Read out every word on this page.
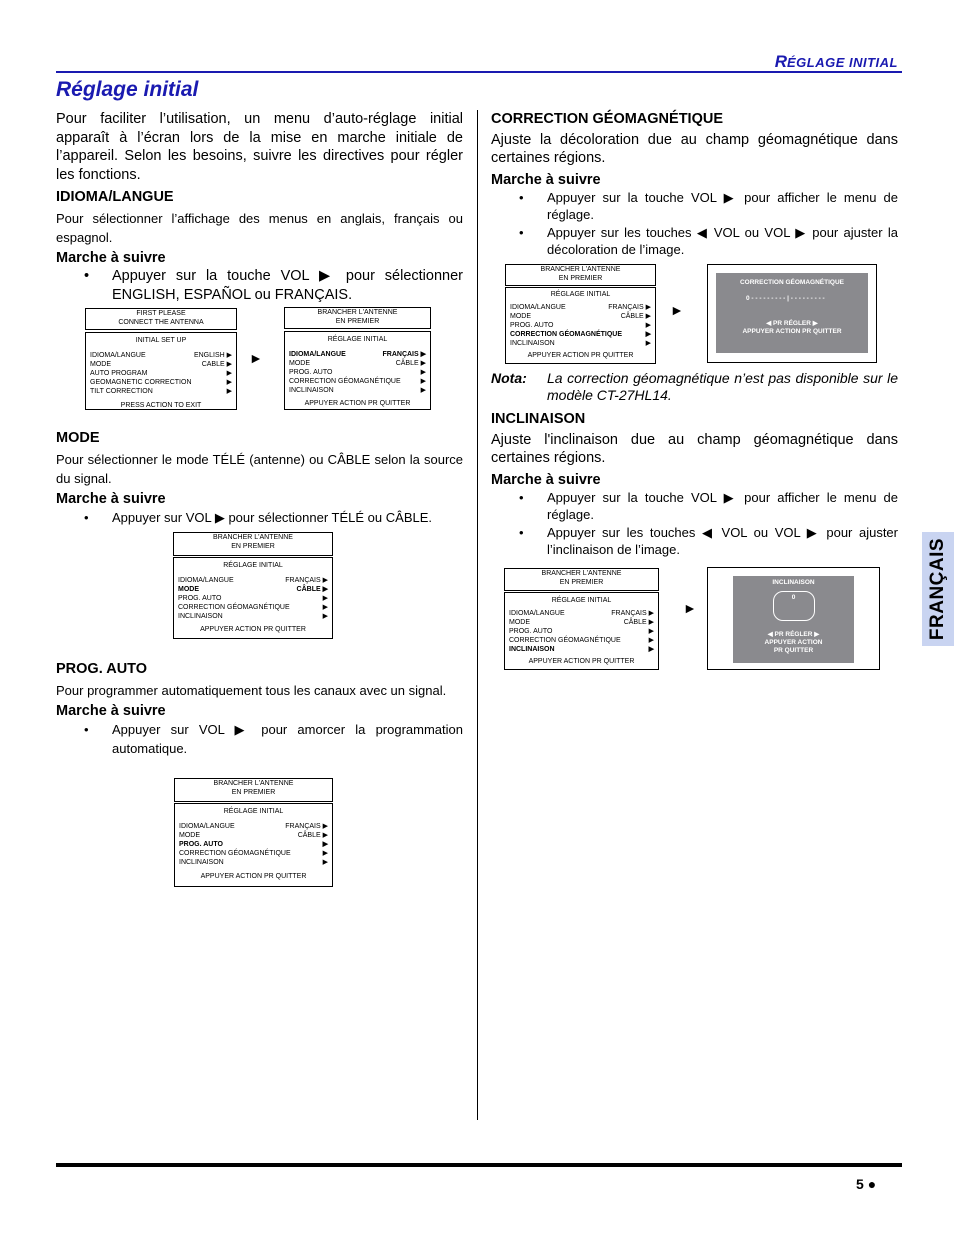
RÉGLAGE INITIAL
Réglage initial

Pour faciliter l’utilisation, un menu d’auto-réglage initial apparaît à l’écran lors de la mise en marche initiale de l’appareil. Selon les besoins, suivre les directives pour régler les fonctions.

IDIOMA/LANGUE

Pour sélectionner l’affichage des menus en anglais, français ou espagnol.

Marche à suivre

• Appuyer sur la touche VOL ▶ pour sélectionner ENGLISH, ESPAÑOL ou FRANÇAIS.

FIRST PLEASE
CONNECT THE ANTENNA
INITIAL SET UP
IDIOMA/LANGUE	ENGLISH ▶
MODE	CABLE ▶
AUTO PROGRAM	▶
GEOMAGNETIC CORRECTION	▶
TILT CORRECTION	▶
PRESS ACTION TO EXIT
►
BRANCHER L'ANTENNE
EN PREMIER
RÉGLAGE INITIAL
IDIOMA/LANGUE	FRANÇAIS ▶
MODE	CÂBLE ▶
PROG. AUTO	▶
CORRECTION GÉOMAGNÉTIQUE	▶
INCLINAISON	▶
APPUYER ACTION PR QUITTER

MODE

Pour sélectionner le mode TÉLÉ (antenne) ou CÂBLE selon la source du signal.

Marche à suivre

• Appuyer sur VOL ▶ pour sélectionner TÉLÉ ou CÂBLE.

BRANCHER L'ANTENNE
EN PREMIER
RÉGLAGE INITIAL
IDIOMA/LANGUE	FRANÇAIS ▶
MODE	CÂBLE ▶
PROG. AUTO	▶
CORRECTION GÉOMAGNÉTIQUE	▶
INCLINAISON	▶
APPUYER ACTION PR QUITTER

PROG. AUTO

Pour programmer automatiquement tous les canaux avec un signal.

Marche à suivre

• Appuyer sur VOL ▶ pour amorcer la programmation automatique.

BRANCHER L'ANTENNE
EN PREMIER
RÉGLAGE INITIAL
IDIOMA/LANGUE	FRANÇAIS ▶
MODE	CÂBLE ▶
PROG. AUTO	▶
CORRECTION GÉOMAGNÉTIQUE	▶
INCLINAISON	▶
APPUYER ACTION PR QUITTER

CORRECTION GÉOMAGNÉTIQUE

Ajuste la décoloration due au champ géomagnétique dans certaines régions.

Marche à suivre

• Appuyer sur la touche VOL ▶ pour afficher le menu de réglage.

• Appuyer sur les touches ◀ VOL ou VOL ▶ pour ajuster la décoloration de l’image.

BRANCHER L'ANTENNE
EN PREMIER
RÉGLAGE INITIAL
IDIOMA/LANGUE	FRANÇAIS ▶
MODE	CÂBLE ▶
PROG. AUTO	▶
CORRECTION GÉOMAGNÉTIQUE	▶
INCLINAISON	▶
APPUYER ACTION PR QUITTER
►
CORRECTION GÉOMAGNÉTIQUE
0 - - - - - - - - - | - - - - - - - - -
◀ PR RÉGLER ▶
APPUYER ACTION PR QUITTER
Nota: La correction géomagnétique n’est pas disponible sur le modèle CT-27HL14.

INCLINAISON

Ajuste l'inclinaison due au champ géomagnétique dans certaines régions.

Marche à suivre

• Appuyer sur la touche VOL ▶ pour afficher le menu de réglage.

• Appuyer sur les touches ◀ VOL ou VOL ▶ pour ajuster l’inclinaison de l’image.

BRANCHER L'ANTENNE
EN PREMIER
RÉGLAGE INITIAL
IDIOMA/LANGUE	FRANÇAIS ▶
MODE	CÂBLE ▶
PROG. AUTO	▶
CORRECTION GÉOMAGNÉTIQUE	▶
INCLINAISON	▶
APPUYER ACTION PR QUITTER
►
INCLINAISON
0
◀ PR RÉGLER ▶
APPUYER ACTION
PR QUITTER
FRANÇAIS
5 ●
